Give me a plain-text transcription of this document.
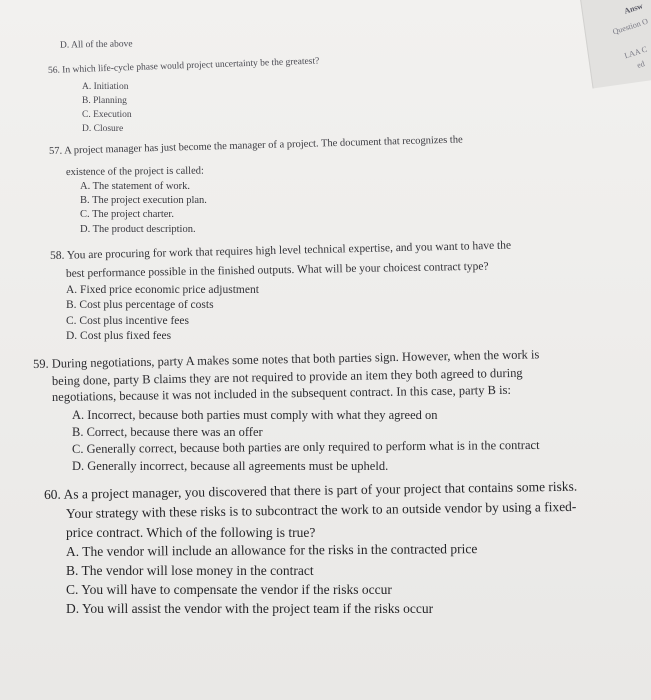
Answ
Question O
LAA C
ed
D. All of the above
56. In which life-cycle phase would project uncertainty be the greatest?
A. Initiation
B. Planning
C. Execution
D. Closure
57. A project manager has just become the manager of a project. The document that recognizes the
existence of the project is called:
A. The statement of work.
B. The project execution plan.
C. The project charter.
D. The product description.
58. You are procuring for work that requires high level technical expertise, and you want to have the
best performance possible in the finished outputs. What will be your choicest contract type?
A. Fixed price economic price adjustment
B. Cost plus percentage of costs
C. Cost plus incentive fees
D. Cost plus fixed fees
59. During negotiations, party A makes some notes that both parties sign. However, when the work is
being done, party B claims they are not required to provide an item they both agreed to during
negotiations, because it was not included in the subsequent contract. In this case, party B is:
A. Incorrect, because both parties must comply with what they agreed on
B. Correct, because there was an offer
C. Generally correct, because both parties are only required to perform what is in the contract
D. Generally incorrect, because all agreements must be upheld.
60. As a project manager, you discovered that there is part of your project that contains some risks.
Your strategy with these risks is to subcontract the work to an outside vendor by using a fixed-
price contract. Which of the following is true?
A. The vendor will include an allowance for the risks in the contracted price
B. The vendor will lose money in the contract
C. You will have to compensate the vendor if the risks occur
D. You will assist the vendor with the project team if the risks occur
